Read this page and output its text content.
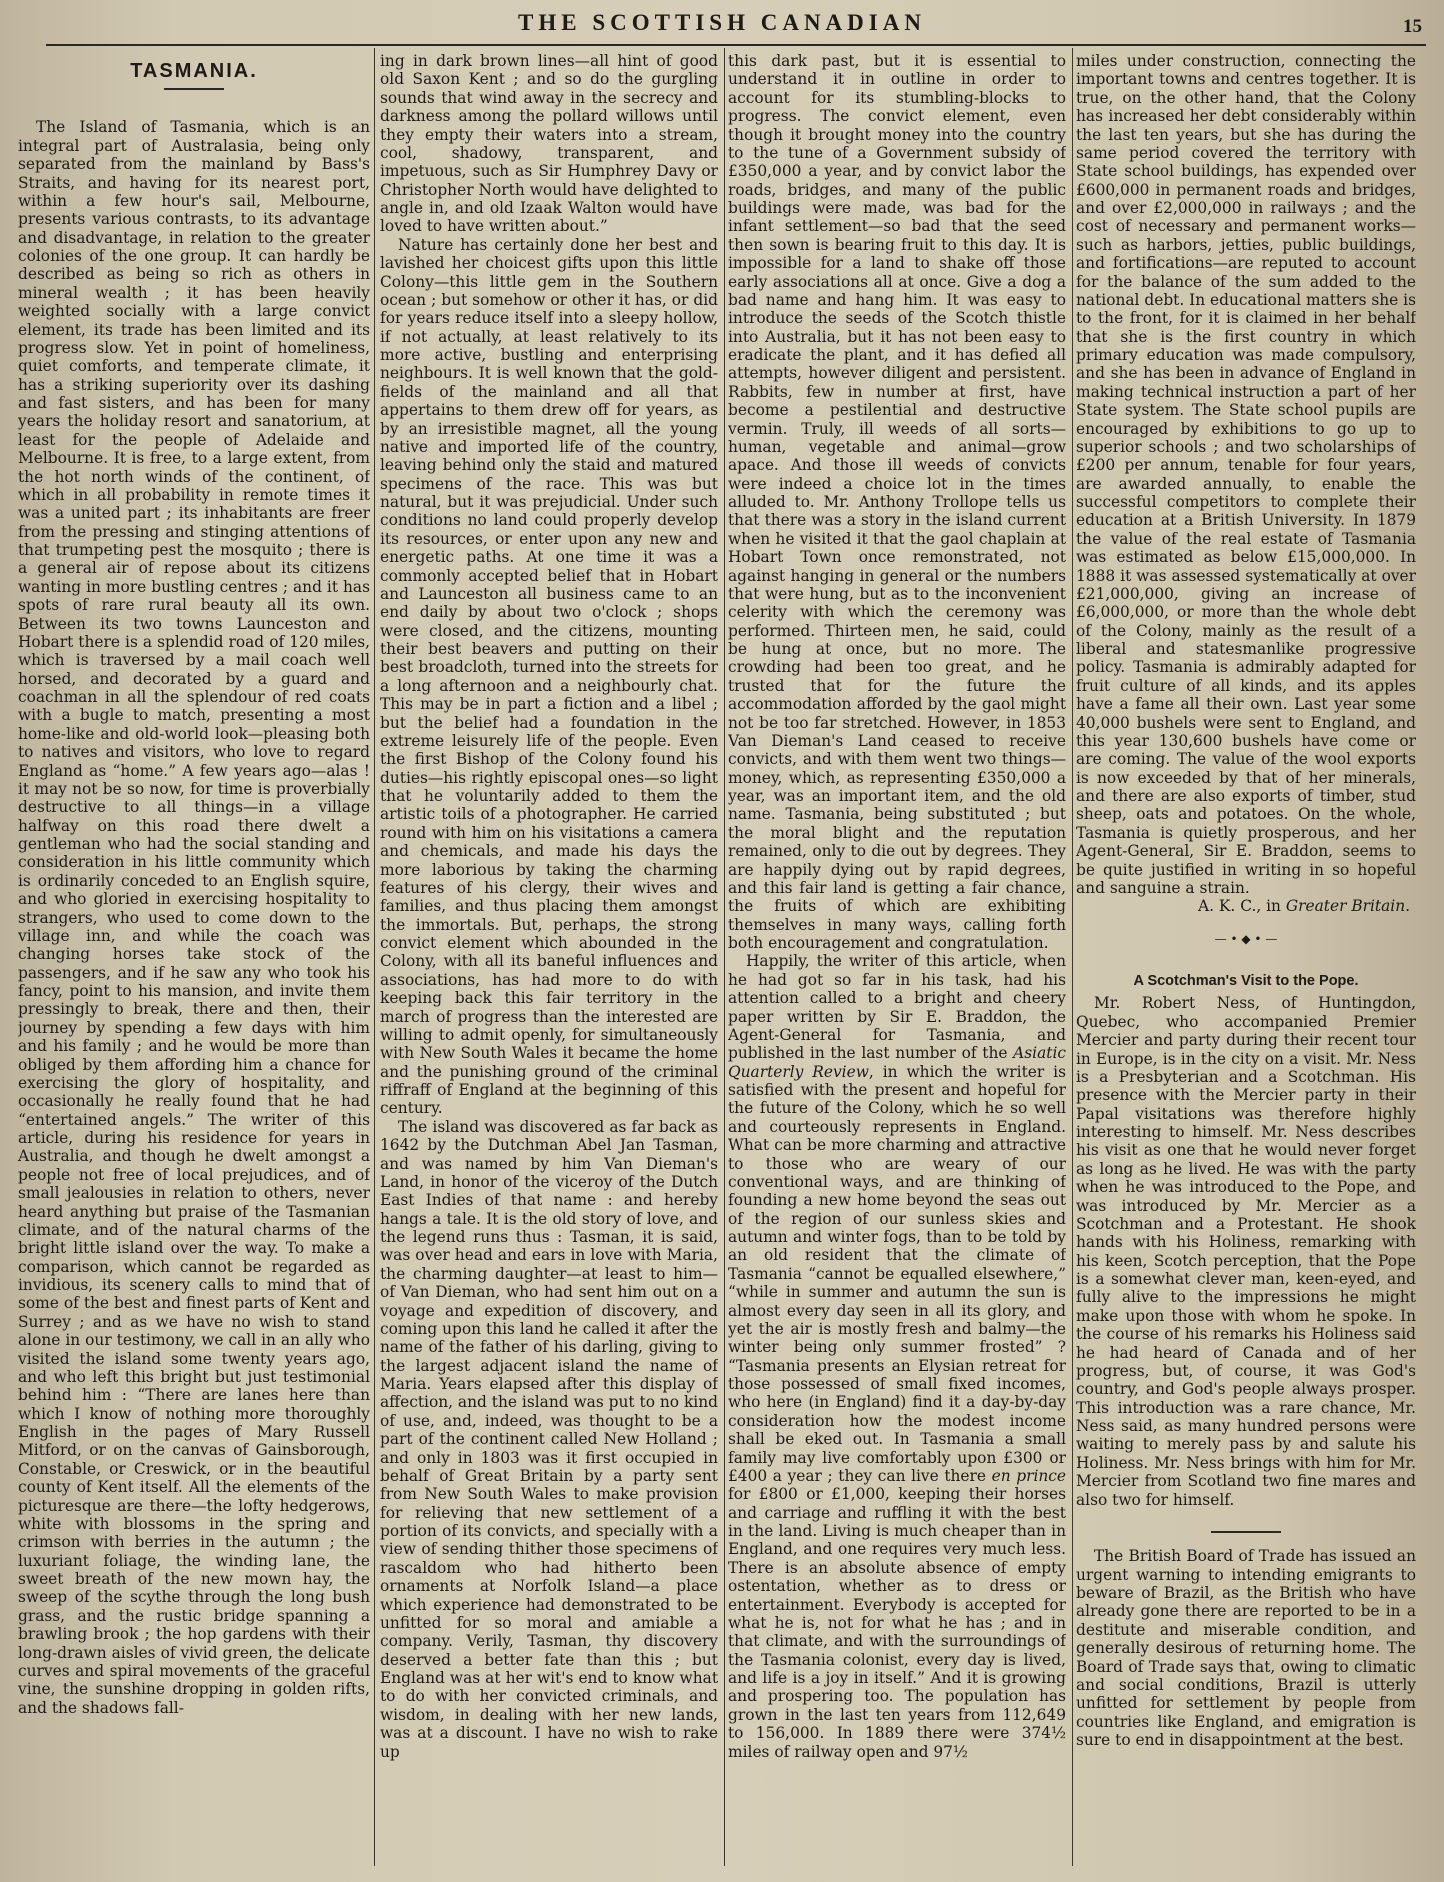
THE SCOTTISH CANADIAN	15
TASMANIA.

The Island of Tasmania, which is an integral part of Australasia, being only separated from the mainland by Bass's Straits, and having for its nearest port, within a few hour's sail, Melbourne, presents various contrasts, to its advantage and disadvantage, in relation to the greater colonies of the one group. It can hardly be described as being so rich as others in mineral wealth ; it has been heavily weighted socially with a large convict element, its trade has been limited and its progress slow. Yet in point of homeliness, quiet comforts, and temperate climate, it has a striking superiority over its dashing and fast sisters, and has been for many years the holiday resort and sanatorium, at least for the people of Adelaide and Melbourne. It is free, to a large extent, from the hot north winds of the continent, of which in all probability in remote times it was a united part ; its inhabitants are freer from the pressing and stinging attentions of that trumpeting pest the mosquito ; there is a general air of repose about its citizens wanting in more bustling centres ; and it has spots of rare rural beauty all its own. Between its two towns Launceston and Hobart there is a splendid road of 120 miles, which is traversed by a mail coach well horsed, and decorated by a guard and coachman in all the splendour of red coats with a bugle to match, presenting a most home-like and old-world look—pleasing both to natives and visitors, who love to regard England as “home.” A few years ago—alas ! it may not be so now, for time is proverbially destructive to all things—in a village halfway on this road there dwelt a gentleman who had the social standing and consideration in his little community which is ordinarily conceded to an English squire, and who gloried in exercising hospitality to strangers, who used to come down to the village inn, and while the coach was changing horses take stock of the passengers, and if he saw any who took his fancy, point to his mansion, and invite them pressingly to break, there and then, their journey by spending a few days with him and his family ; and he would be more than obliged by them affording him a chance for exercising the glory of hospitality, and occasionally he really found that he had “entertained angels.” The writer of this article, during his residence for years in Australia, and though he dwelt amongst a people not free of local prejudices, and of small jealousies in relation to others, never heard anything but praise of the Tasmanian climate, and of the natural charms of the bright little island over the way. To make a comparison, which cannot be regarded as invidious, its scenery calls to mind that of some of the best and finest parts of Kent and Surrey ; and as we have no wish to stand alone in our testimony, we call in an ally who visited the island some twenty years ago, and who left this bright but just testimonial behind him : “There are lanes here than which I know of nothing more thoroughly English in the pages of Mary Russell Mitford, or on the canvas of Gainsborough, Constable, or Creswick, or in the beautiful county of Kent itself. All the elements of the picturesque are there—the lofty hedgerows, white with blossoms in the spring and crimson with berries in the autumn ; the luxuriant foliage, the winding lane, the sweet breath of the new mown hay, the sweep of the scythe through the long bush grass, and the rustic bridge spanning a brawling brook ; the hop gardens with their long-drawn aisles of vivid green, the delicate curves and spiral movements of the graceful vine, the sunshine dropping in golden rifts, and the shadows fall-

ing in dark brown lines—all hint of good old Saxon Kent ; and so do the gurgling sounds that wind away in the secrecy and darkness among the pollard willows until they empty their waters into a stream, cool, shadowy, transparent, and impetuous, such as Sir Humphrey Davy or Christopher North would have delighted to angle in, and old Izaak Walton would have loved to have written about.”

Nature has certainly done her best and lavished her choicest gifts upon this little Colony—this little gem in the Southern ocean ; but somehow or other it has, or did for years reduce itself into a sleepy hollow, if not actually, at least relatively to its more active, bustling and enterprising neighbours. It is well known that the gold-fields of the mainland and all that appertains to them drew off for years, as by an irresistible magnet, all the young native and imported life of the country, leaving behind only the staid and matured specimens of the race. This was but natural, but it was prejudicial. Under such conditions no land could properly develop its resources, or enter upon any new and energetic paths. At one time it was a commonly accepted belief that in Hobart and Launceston all business came to an end daily by about two o'clock ; shops were closed, and the citizens, mounting their best beavers and putting on their best broadcloth, turned into the streets for a long afternoon and a neighbourly chat. This may be in part a fiction and a libel ; but the belief had a foundation in the extreme leisurely life of the people. Even the first Bishop of the Colony found his duties—his rightly episcopal ones—so light that he voluntarily added to them the artistic toils of a photographer. He carried round with him on his visitations a camera and chemicals, and made his days the more laborious by taking the charming features of his clergy, their wives and families, and thus placing them amongst the immortals. But, perhaps, the strong convict element which abounded in the Colony, with all its baneful influences and associations, has had more to do with keeping back this fair territory in the march of progress than the interested are willing to admit openly, for simultaneously with New South Wales it became the home and the punishing ground of the criminal riffraff of England at the beginning of this century.

The island was discovered as far back as 1642 by the Dutchman Abel Jan Tasman, and was named by him Van Dieman's Land, in honor of the viceroy of the Dutch East Indies of that name : and hereby hangs a tale. It is the old story of love, and the legend runs thus : Tasman, it is said, was over head and ears in love with Maria, the charming daughter—at least to him—of Van Dieman, who had sent him out on a voyage and expedition of discovery, and coming upon this land he called it after the name of the father of his darling, giving to the largest adjacent island the name of Maria. Years elapsed after this display of affection, and the island was put to no kind of use, and, indeed, was thought to be a part of the continent called New Holland ; and only in 1803 was it first occupied in behalf of Great Britain by a party sent from New South Wales to make provision for relieving that new settlement of a portion of its convicts, and specially with a view of sending thither those specimens of rascaldom who had hitherto been ornaments at Norfolk Island—a place which experience had demonstrated to be unfitted for so moral and amiable a company. Verily, Tasman, thy discovery deserved a better fate than this ; but England was at her wit's end to know what to do with her convicted criminals, and wisdom, in dealing with her new lands, was at a discount. I have no wish to rake up

this dark past, but it is essential to understand it in outline in order to account for its stumbling-blocks to progress. The convict element, even though it brought money into the country to the tune of a Government subsidy of £350,000 a year, and by convict labor the roads, bridges, and many of the public buildings were made, was bad for the infant settlement—so bad that the seed then sown is bearing fruit to this day. It is impossible for a land to shake off those early associations all at once. Give a dog a bad name and hang him. It was easy to introduce the seeds of the Scotch thistle into Australia, but it has not been easy to eradicate the plant, and it has defied all attempts, however diligent and persistent. Rabbits, few in number at first, have become a pestilential and destructive vermin. Truly, ill weeds of all sorts—human, vegetable and animal—grow apace. And those ill weeds of convicts were indeed a choice lot in the times alluded to. Mr. Anthony Trollope tells us that there was a story in the island current when he visited it that the gaol chaplain at Hobart Town once remonstrated, not against hanging in general or the numbers that were hung, but as to the inconvenient celerity with which the ceremony was performed. Thirteen men, he said, could be hung at once, but no more. The crowding had been too great, and he trusted that for the future the accommodation afforded by the gaol might not be too far stretched. However, in 1853 Van Dieman's Land ceased to receive convicts, and with them went two things—money, which, as representing £350,000 a year, was an important item, and the old name. Tasmania, being substituted ; but the moral blight and the reputation remained, only to die out by degrees. They are happily dying out by rapid degrees, and this fair land is getting a fair chance, the fruits of which are exhibiting themselves in many ways, calling forth both encouragement and congratulation.

Happily, the writer of this article, when he had got so far in his task, had his attention called to a bright and cheery paper written by Sir E. Braddon, the Agent-General for Tasmania, and published in the last number of the Asiatic Quarterly Review, in which the writer is satisfied with the present and hopeful for the future of the Colony, which he so well and courteously represents in England. What can be more charming and attractive to those who are weary of our conventional ways, and are thinking of founding a new home beyond the seas out of the region of our sunless skies and autumn and winter fogs, than to be told by an old resident that the climate of Tasmania “cannot be equalled elsewhere,” “while in summer and autumn the sun is almost every day seen in all its glory, and yet the air is mostly fresh and balmy—the winter being only summer frosted” ? “Tasmania presents an Elysian retreat for those possessed of small fixed incomes, who here (in England) find it a day-by-day consideration how the modest income shall be eked out. In Tasmania a small family may live comfortably upon £300 or £400 a year ; they can live there en prince for £800 or £1,000, keeping their horses and carriage and ruffling it with the best in the land. Living is much cheaper than in England, and one requires very much less. There is an absolute absence of empty ostentation, whether as to dress or entertainment. Everybody is accepted for what he is, not for what he has ; and in that climate, and with the surroundings of the Tasmania colonist, every day is lived, and life is a joy in itself.” And it is growing and prospering too. The population has grown in the last ten years from 112,649 to 156,000. In 1889 there were 374½ miles of railway open and 97½

miles under construction, connecting the important towns and centres together. It is true, on the other hand, that the Colony has increased her debt considerably within the last ten years, but she has during the same period covered the territory with State school buildings, has expended over £600,000 in permanent roads and bridges, and over £2,000,000 in railways ; and the cost of necessary and permanent works—such as harbors, jetties, public buildings, and fortifications—are reputed to account for the balance of the sum added to the national debt. In educational matters she is to the front, for it is claimed in her behalf that she is the first country in which primary education was made compulsory, and she has been in advance of England in making technical instruction a part of her State system. The State school pupils are encouraged by exhibitions to go up to superior schools ; and two scholarships of £200 per annum, tenable for four years, are awarded annually, to enable the successful competitors to complete their education at a British University. In 1879 the value of the real estate of Tasmania was estimated as below £15,000,000. In 1888 it was assessed systematically at over £21,000,000, giving an increase of £6,000,000, or more than the whole debt of the Colony, mainly as the result of a liberal and statesmanlike progressive policy. Tasmania is admirably adapted for fruit culture of all kinds, and its apples have a fame all their own. Last year some 40,000 bushels were sent to England, and this year 130,600 bushels have come or are coming. The value of the wool exports is now exceeded by that of her minerals, and there are also exports of timber, stud sheep, oats and potatoes. On the whole, Tasmania is quietly prosperous, and her Agent-General, Sir E. Braddon, seems to be quite justified in writing in so hopeful and sanguine a strain.

A. K. C., in Greater Britain.
— • ◆ • —
A Scotchman's Visit to the Pope.

Mr. Robert Ness, of Huntingdon, Quebec, who accompanied Premier Mercier and party during their recent tour in Europe, is in the city on a visit. Mr. Ness is a Presbyterian and a Scotchman. His presence with the Mercier party in their Papal visitations was therefore highly interesting to himself. Mr. Ness describes his visit as one that he would never forget as long as he lived. He was with the party when he was introduced to the Pope, and was introduced by Mr. Mercier as a Scotchman and a Protestant. He shook hands with his Holiness, remarking with his keen, Scotch perception, that the Pope is a somewhat clever man, keen-eyed, and fully alive to the impressions he might make upon those with whom he spoke. In the course of his remarks his Holiness said he had heard of Canada and of her progress, but, of course, it was God's country, and God's people always prosper. This introduction was a rare chance, Mr. Ness said, as many hundred persons were waiting to merely pass by and salute his Holiness. Mr. Ness brings with him for Mr. Mercier from Scotland two fine mares and also two for himself.

The British Board of Trade has issued an urgent warning to intending emigrants to beware of Brazil, as the British who have already gone there are reported to be in a destitute and miserable condition, and generally desirous of returning home. The Board of Trade says that, owing to climatic and social conditions, Brazil is utterly unfitted for settlement by people from countries like England, and emigration is sure to end in disappointment at the best.
